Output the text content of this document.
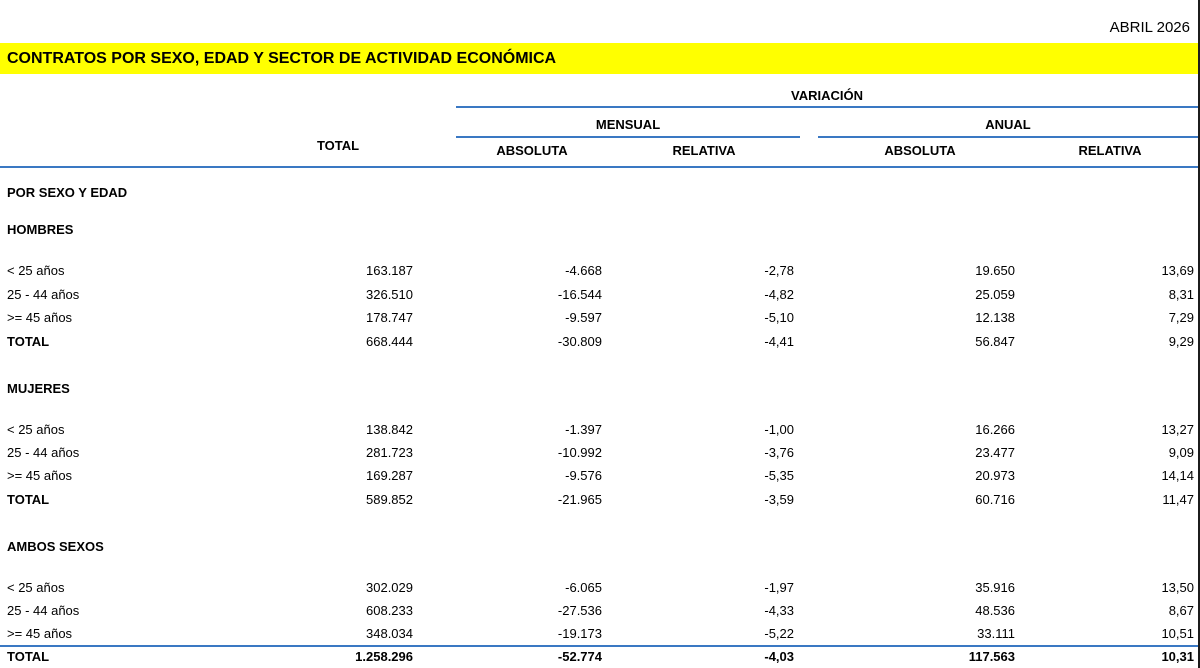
ABRIL 2026
CONTRATOS POR SEXO, EDAD Y SECTOR DE ACTIVIDAD ECONÓMICA
VARIACIÓN
MENSUAL	ANUAL
TOTAL	ABSOLUTA	RELATIVA	ABSOLUTA	RELATIVA
POR SEXO Y EDAD
HOMBRES
< 25 años	163.187	-4.668	-2,78	19.650	13,69
25 - 44 años	326.510	-16.544	-4,82	25.059	8,31
>= 45 años	178.747	-9.597	-5,10	12.138	7,29
TOTAL	668.444	-30.809	-4,41	56.847	9,29
MUJERES
< 25 años	138.842	-1.397	-1,00	16.266	13,27
25 - 44 años	281.723	-10.992	-3,76	23.477	9,09
>= 45 años	169.287	-9.576	-5,35	20.973	14,14
TOTAL	589.852	-21.965	-3,59	60.716	11,47
AMBOS SEXOS
< 25 años	302.029	-6.065	-1,97	35.916	13,50
25 - 44 años	608.233	-27.536	-4,33	48.536	8,67
>= 45 años	348.034	-19.173	-5,22	33.111	10,51
TOTAL	1.258.296	-52.774	-4,03	117.563	10,31
